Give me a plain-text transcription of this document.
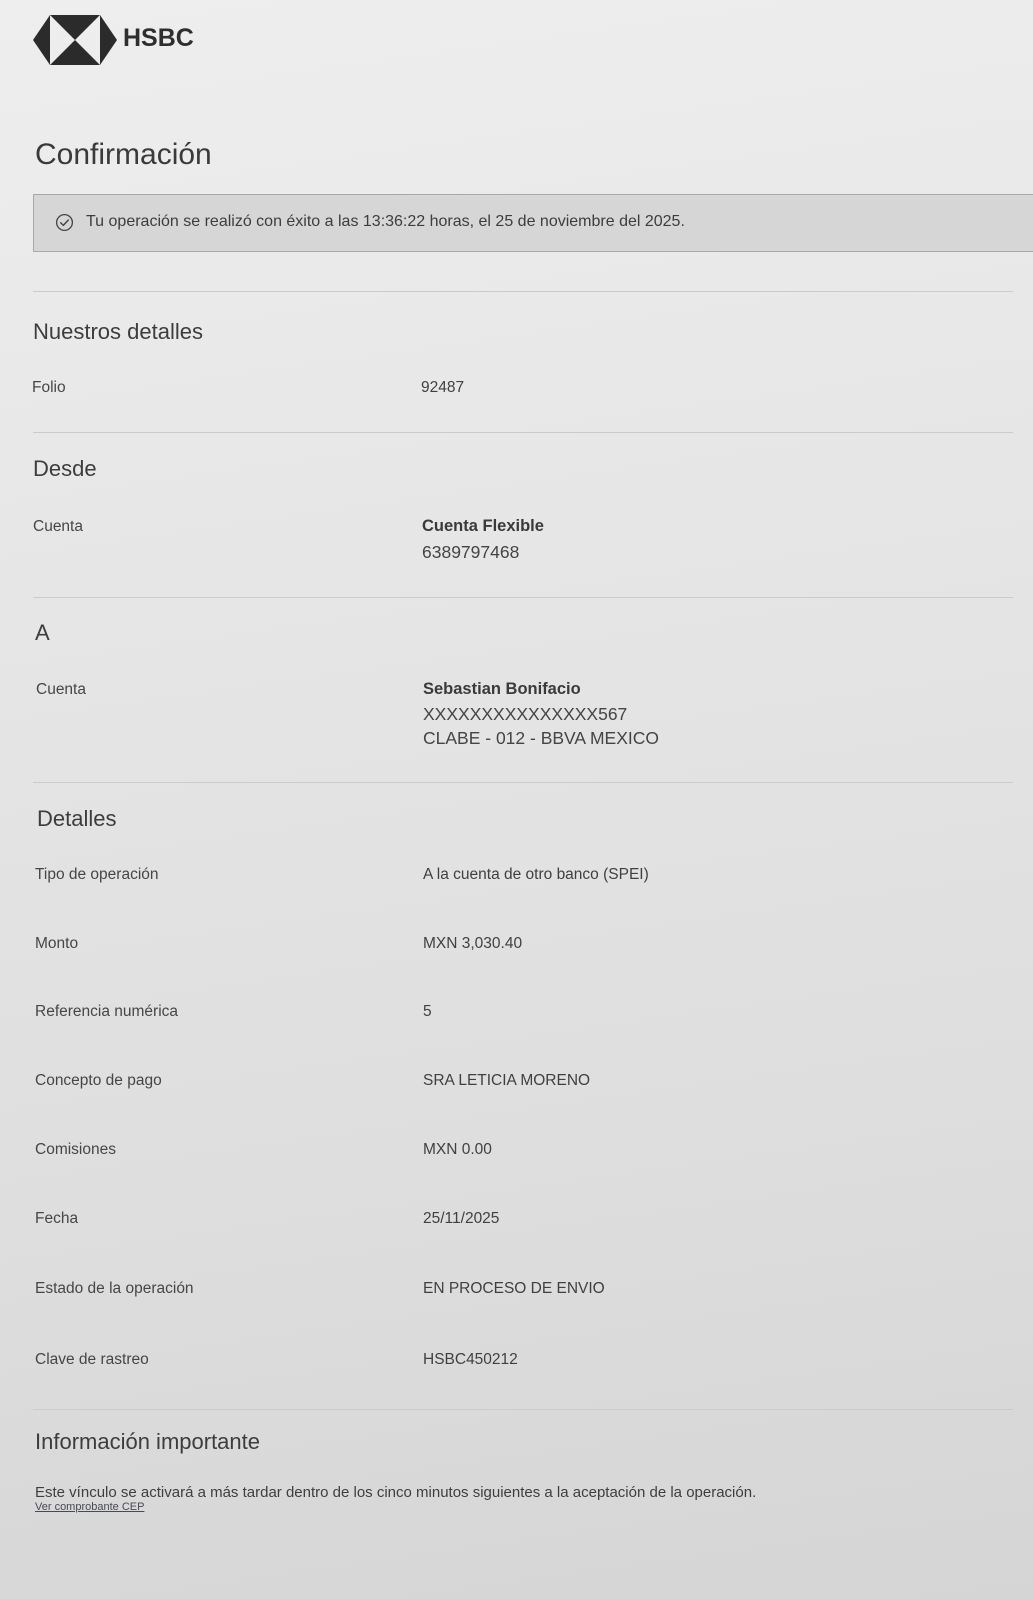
HSBC
Confirmación
Tu operación se realizó con éxito a las 13:36:22 horas, el 25 de noviembre del 2025.
Nuestros detalles
Folio	92487
Desde
Cuenta	Cuenta Flexible
6389797468
A
Cuenta	Sebastian Bonifacio
XXXXXXXXXXXXXXX567
CLABE - 012 - BBVA MEXICO
Detalles
Tipo de operación	A la cuenta de otro banco (SPEI)
Monto	MXN 3,030.40
Referencia numérica	5
Concepto de pago	SRA LETICIA MORENO
Comisiones	MXN 0.00
Fecha	25/11/2025
Estado de la operación	EN PROCESO DE ENVIO
Clave de rastreo	HSBC450212
Información importante
Este vínculo se activará a más tardar dentro de los cinco minutos siguientes a la aceptación de la operación.
Ver comprobante CEP
